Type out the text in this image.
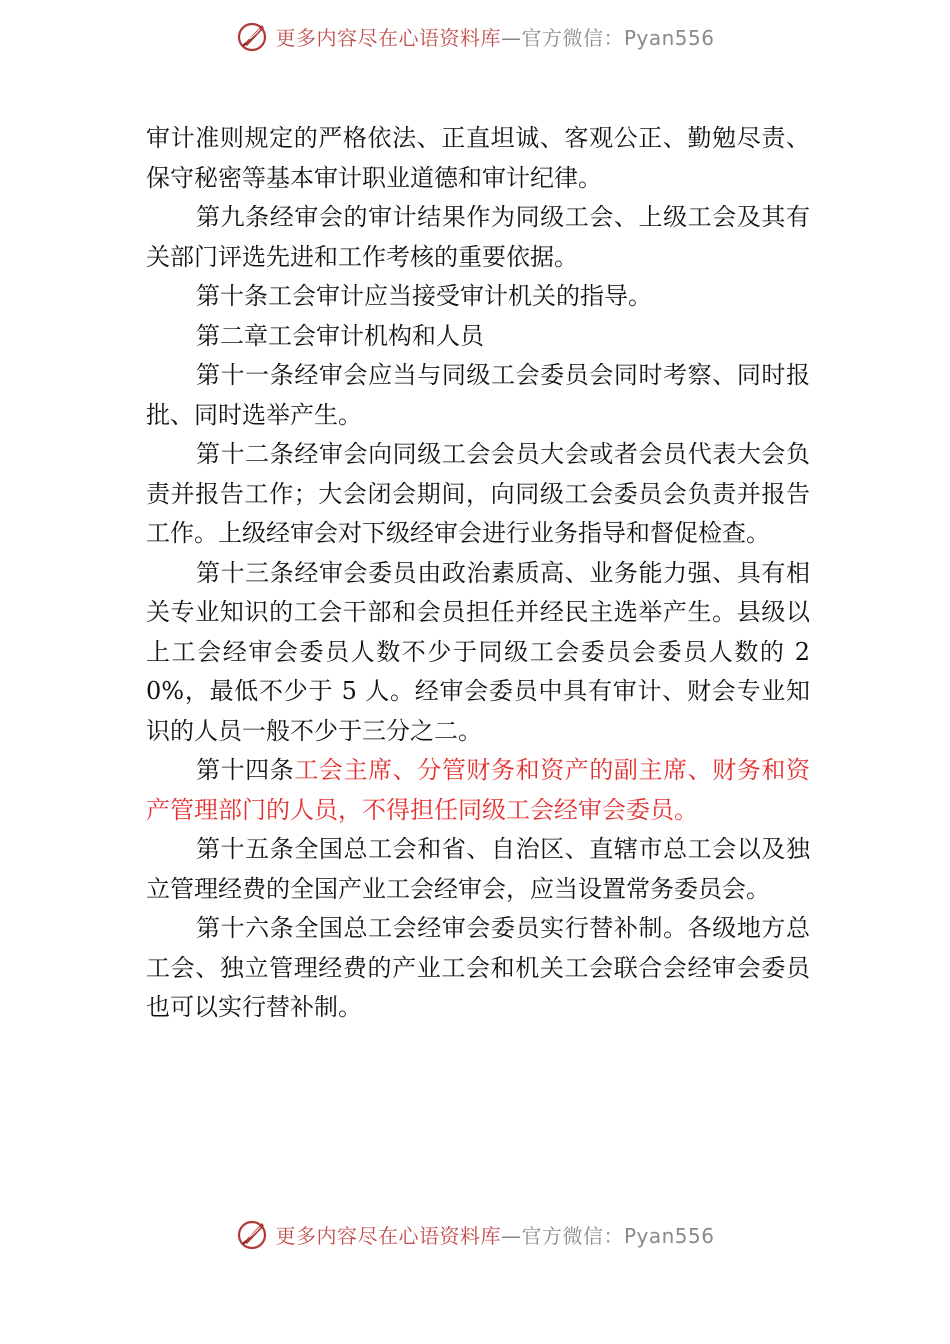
更多内容尽在心语资料库—官方微信：Pyan556

审计准则规定的严格依法、正直坦诚、客观公正、勤勉尽责、保守秘密等基本审计职业道德和审计纪律。

第九条经审会的审计结果作为同级工会、上级工会及其有关部门评选先进和工作考核的重要依据。

第十条工会审计应当接受审计机关的指导。

第二章工会审计机构和人员

第十一条经审会应当与同级工会委员会同时考察、同时报批、同时选举产生。

第十二条经审会向同级工会会员大会或者会员代表大会负责并报告工作；大会闭会期间，向同级工会委员会负责并报告工作。上级经审会对下级经审会进行业务指导和督促检查。

第十三条经审会委员由政治素质高、业务能力强、具有相关专业知识的工会干部和会员担任并经民主选举产生。县级以上工会经审会委员人数不少于同级工会委员会委员人数的 20%，最低不少于 5 人。经审会委员中具有审计、财会专业知识的人员一般不少于三分之二。

第十四条工会主席、分管财务和资产的副主席、财务和资产管理部门的人员，不得担任同级工会经审会委员。

第十五条全国总工会和省、自治区、直辖市总工会以及独立管理经费的全国产业工会经审会，应当设置常务委员会。

第十六条全国总工会经审会委员实行替补制。各级地方总工会、独立管理经费的产业工会和机关工会联合会经审会委员也可以实行替补制。

更多内容尽在心语资料库—官方微信：Pyan556
